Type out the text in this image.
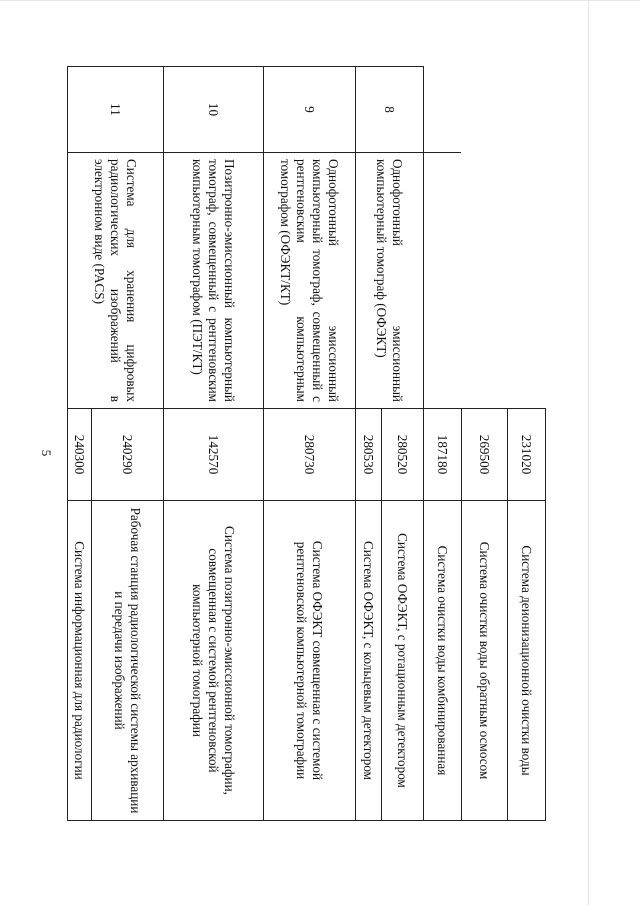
5
			231020	Система деионизационной очистки воды
		269500	Система очистки воды обратным осмосом
		187180	Система очистки воды комбинированная
8	Однофотонный эмиссионный компьютерный томограф (ОФЭКТ)	280520	Система ОФЭКТ, с ротационным детектором
		280530	Система ОФЭКТ, с кольцевым детектором
9	Однофотонный эмиссионный компьютерный томограф, совмещенный с рентгеновским компьютерным томографом (ОФЭКТ/КТ)	280730	Система ОФЭКТ совмещенная с системой рентгеновской компьютерной томографии
10	Позитронно-эмиссионный компьютерный томограф, совмещенный с рентгеновским компьютерным томографом (ПЭТ/КТ)	142570	Система позитронно-эмиссионной томографии, совмещенная с системой рентгеновской компьютерной томографии
11	Система для хранения цифровых радиологических изображений в электронном виде (PACS)	240290	Рабочая станция радиологической системы архивации и передачи изображений
		240300	Система информационная для радиологии
